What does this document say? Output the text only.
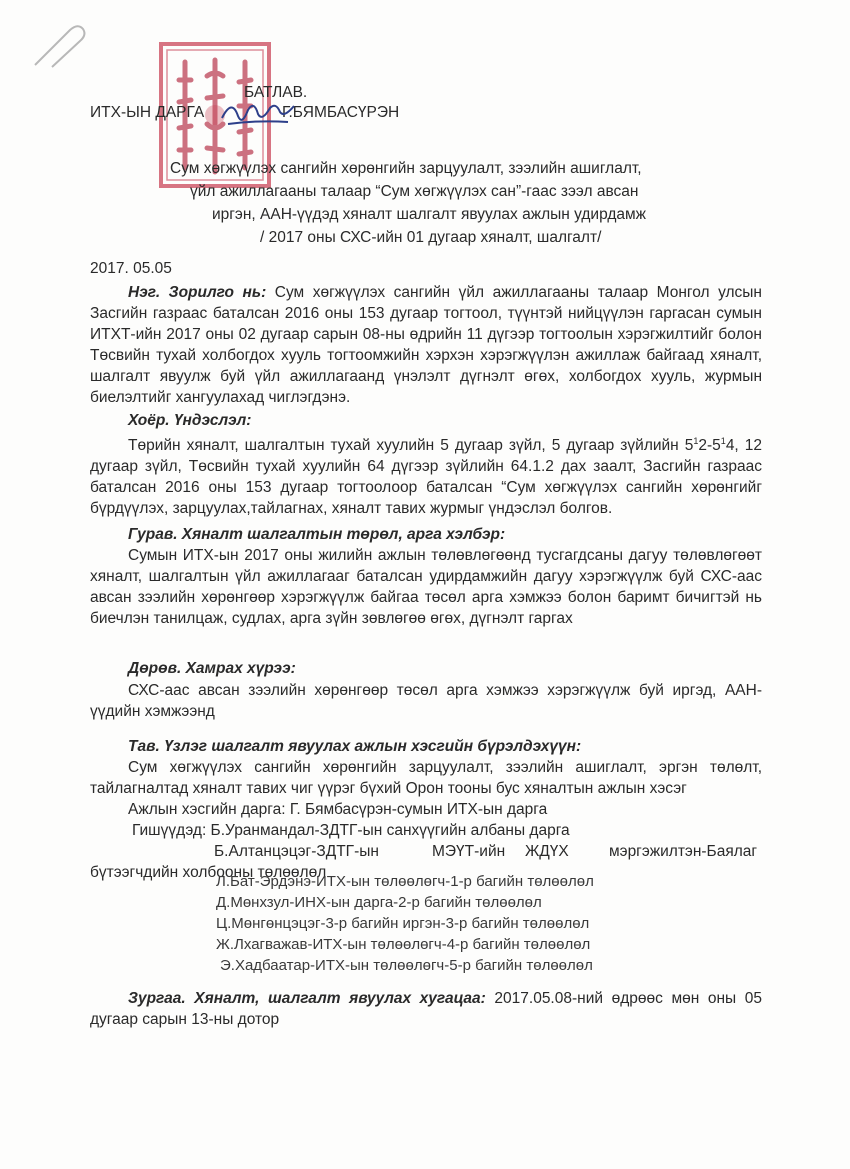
БАТЛАВ.
ИТХ-ЫН ДАРГА	Г.БЯМБАСҮРЭН
Сум хөгжүүлэх сангийн хөрөнгийн зарцуулалт, зээлийн ашиглалт,
үйл ажиллагааны талаар “Сум хөгжүүлэх сан”-гаас зээл авсан
иргэн, ААН-үүдэд хяналт шалгалт явуулах ажлын удирдамж
/ 2017 оны СХС-ийн 01 дугаар хяналт, шалгалт/
2017. 05.05
Нэг. Зорилго нь: Сум хөгжүүлэх сангийн үйл ажиллагааны талаар Монгол улсын Засгийн газраас баталсан 2016 оны 153 дугаар тогтоол, түүнтэй нийцүүлэн гаргасан сумын ИТХТ-ийн 2017 оны 02 дугаар сарын 08-ны өдрийн 11 дүгээр тогтоолын хэрэгжилтийг болон Төсвийн тухай холбогдох хууль тогтоомжийн хэрхэн хэрэгжүүлэн ажиллаж байгаад хяналт, шалгалт явуулж буй үйл ажиллагаанд үнэлэлт дүгнэлт өгөх, холбогдох хууль, журмын биелэлтийг хангуулахад чиглэгдэнэ.
Хоёр. Үндэслэл:
Төрийн хяналт, шалгалтын тухай хуулийн 5 дугаар зүйл, 5 дугаар зүйлийн $5^12-5^14$, 12 дугаар зүйл, Төсвийн тухай хуулийн 64 дүгээр зүйлийн 64.1.2 дах заалт, Засгийн газраас баталсан 2016 оны 153 дугаар тогтоолоор баталсан “Сум хөгжүүлэх сангийн хөрөнгийг бүрдүүлэх, зарцуулах,тайлагнах, хяналт тавих журмыг үндэслэл болгов.
Гурав. Хяналт шалгалтын төрөл, арга хэлбэр:
Сумын ИТХ-ын 2017 оны жилийн ажлын төлөвлөгөөнд тусгагдсаны дагуу төлөвлөгөөт хяналт, шалгалтын үйл ажиллагааг баталсан удирдамжийн дагуу хэрэгжүүлж буй СХС-аас авсан зээлийн хөрөнгөөр хэрэгжүүлж байгаа төсөл арга хэмжээ болон баримт бичигтэй нь биечлэн танилцаж, судлах, арга зүйн зөвлөгөө өгөх, дүгнэлт гаргах
Дөрөв. Хамрах хүрээ:
СХС-аас авсан зээлийн хөрөнгөөр төсөл арга хэмжээ хэрэгжүүлж буй иргэд, ААН-үүдийн хэмжээнд
Тав. Үзлэг шалгалт явуулах ажлын хэсгийн бүрэлдэхүүн:
Сум хөгжүүлэх сангийн хөрөнгийн зарцуулалт, зээлийн ашиглалт, эргэн төлөлт, тайлагналтад хяналт тавих чиг үүрэг бүхий Орон тооны бус хяналтын ажлын хэсэг
Ажлын хэсгийн дарга: Г. Бямбасүрэн-сумын ИТХ-ын дарга
Гишүүдэд: Б.Уранмандал-ЗДТГ-ын санхүүгийн албаны дарга
Б.Алтанцэцэг-ЗДТГ-ын	МЭҮТ-ийн ЖДҮХ	мэргэжилтэн-Баялаг
бүтээгчдийн холбооны төлөөлөл
Л.Бат-Эрдэнэ-ИТХ-ын төлөөлөгч-1-р багийн төлөөлөл
Д.Мөнхзул-ИНХ-ын дарга-2-р багийн төлөөлөл
Ц.Мөнгөнцэцэг-3-р багийн иргэн-3-р багийн төлөөлөл
Ж.Лхагважав-ИТХ-ын төлөөлөгч-4-р багийн төлөөлөл
Э.Хадбаатар-ИТХ-ын төлөөлөгч-5-р багийн төлөөлөл
Зургаа. Хяналт, шалгалт явуулах хугацаа: 2017.05.08-ний өдрөөс мөн оны 05 дугаар сарын 13-ны дотор
